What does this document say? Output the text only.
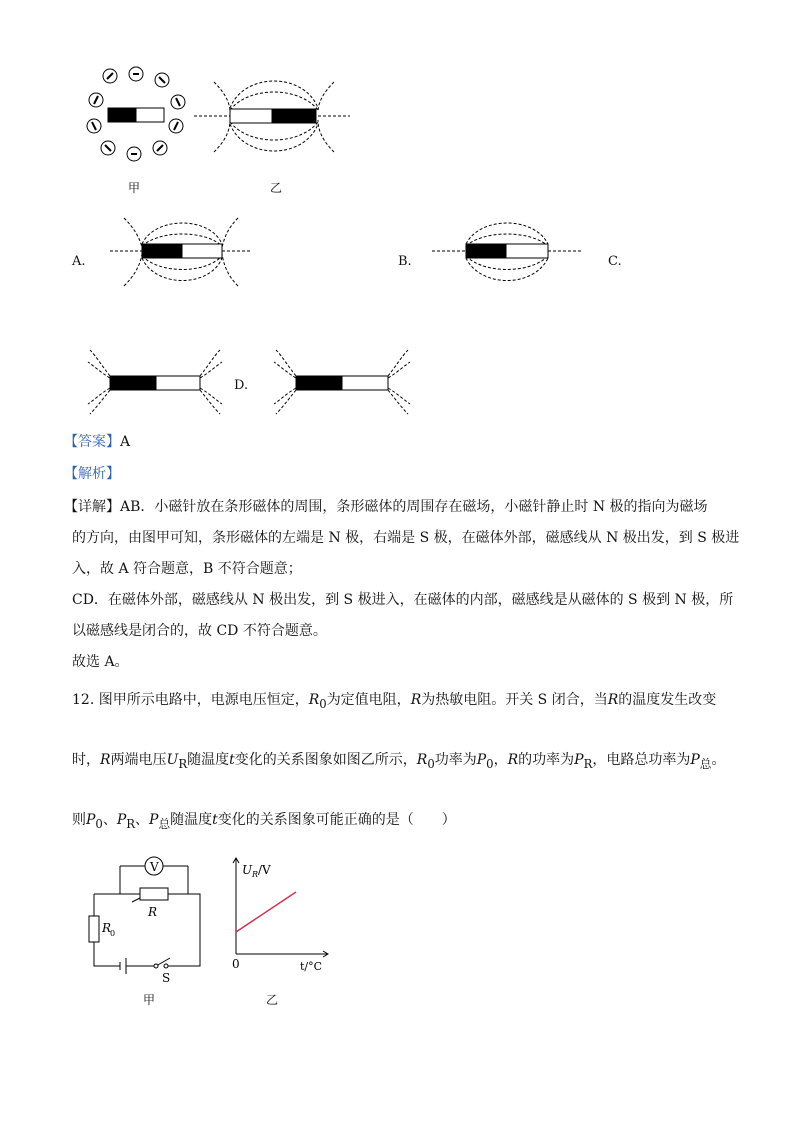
甲	乙
A.	B.	C.
D.
【答案】A
【解析】
【详解】AB．小磁针放在条形磁体的周围，条形磁体的周围存在磁场，小磁针静止时 N 极的指向为磁场
的方向，由图甲可知，条形磁体的左端是 N 极，右端是 S 极，在磁体外部，磁感线从 N 极出发，到 S 极进
入，故 A 符合题意，B 不符合题意；
CD．在磁体外部，磁感线从 N 极出发，到 S 极进入，在磁体的内部，磁感线是从磁体的 S 极到 N 极，所
以磁感线是闭合的，故 CD 不符合题意。
故选 A。
12. 图甲所示电路中，电源电压恒定，$R_0$为定值电阻，R为热敏电阻。开关 S 闭合，当R的温度发生改变
时，R两端电压$U_R$随温度t变化的关系图象如图乙所示，$R_0$功率为$P_0$，R的功率为$P_R$，电路总功率为$P_总$。
则$P_0$、$P_R$、$P_总$随温度t变化的关系图象可能正确的是（　　）
V
R
R
0
S
甲
U R /V
0	t/°C
乙
